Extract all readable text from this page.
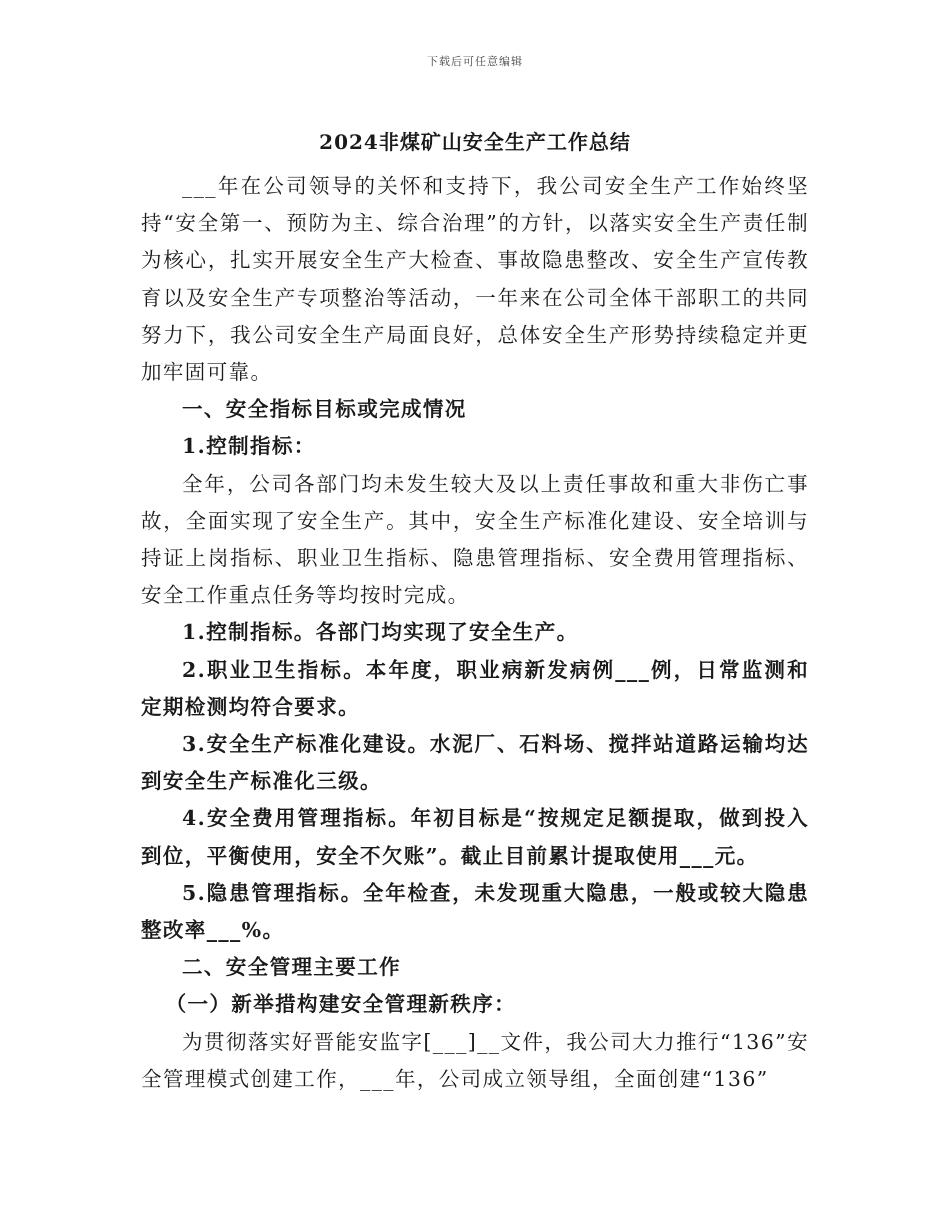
下载后可任意编辑
2024非煤矿山安全生产工作总结

___年在公司领导的关怀和支持下，我公司安全生产工作始终坚持“安全第一、预防为主、综合治理”的方针，以落实安全生产责任制为核心，扎实开展安全生产大检查、事故隐患整改、安全生产宣传教育以及安全生产专项整治等活动，一年来在公司全体干部职工的共同努力下，我公司安全生产局面良好，总体安全生产形势持续稳定并更加牢固可靠。

一、安全指标目标或完成情况

1.控制指标：

全年，公司各部门均未发生较大及以上责任事故和重大非伤亡事故，全面实现了安全生产。其中，安全生产标准化建设、安全培训与持证上岗指标、职业卫生指标、隐患管理指标、安全费用管理指标、安全工作重点任务等均按时完成。

1.控制指标。各部门均实现了安全生产。

2.职业卫生指标。本年度，职业病新发病例___例，日常监测和定期检测均符合要求。

3.安全生产标准化建设。水泥厂、石料场、搅拌站道路运输均达到安全生产标准化三级。

4.安全费用管理指标。年初目标是“按规定足额提取，做到投入到位，平衡使用，安全不欠账”。截止目前累计提取使用___元。

5.隐患管理指标。全年检查，未发现重大隐患，一般或较大隐患整改率___%。

二、安全管理主要工作

（一）新举措构建安全管理新秩序：

为贯彻落实好晋能安监字[___]__文件，我公司大力推行“136”安全管理模式创建工作，___年，公司成立领导组，全面创建“136”
